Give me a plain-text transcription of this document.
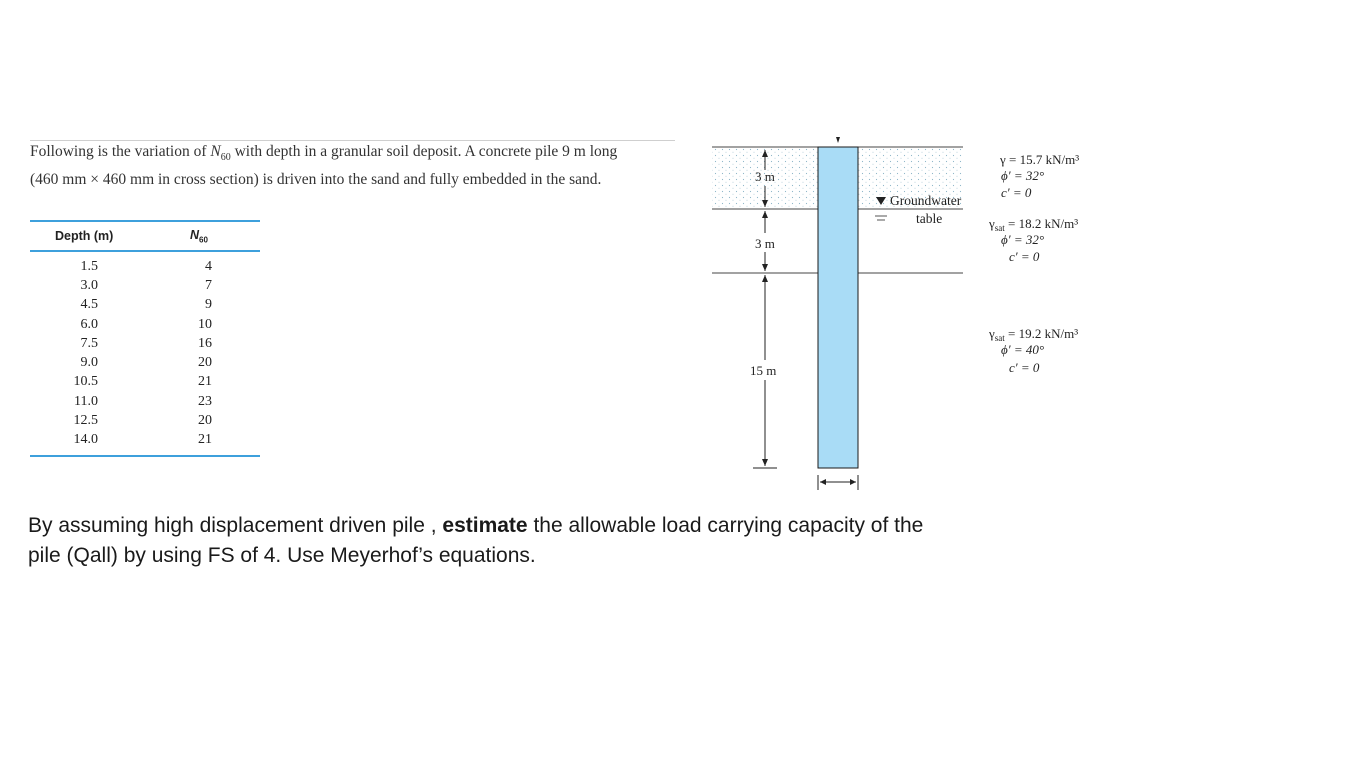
Following is the variation of $N_{60}$ with depth in a granular soil deposit. A concrete pile 9 m long (460 mm × 460 mm in cross section) is driven into the sand and fully embedded in the sand.
Depth (m)	$N_{60}$
1.5	4
3.0	7
4.5	9
6.0	10
7.5	16
9.0	20
10.5	21
11.0	23
12.5	20
14.0	21
3 m
3 m
15 m
Groundwater
table
γ = 15.7 kN/m³
ϕ′ = 32°
c′ = 0
$\gamma_{sat} = 18.2$ kN/m³
ϕ′ = 32°
c′ = 0
$\gamma_{sat} = 19.2$ kN/m³
ϕ′ = 40°
c′ = 0
By assuming high displacement driven pile , estimate the allowable load carrying capacity of the pile (Qall) by using FS of 4. Use Meyerhof’s equations.
